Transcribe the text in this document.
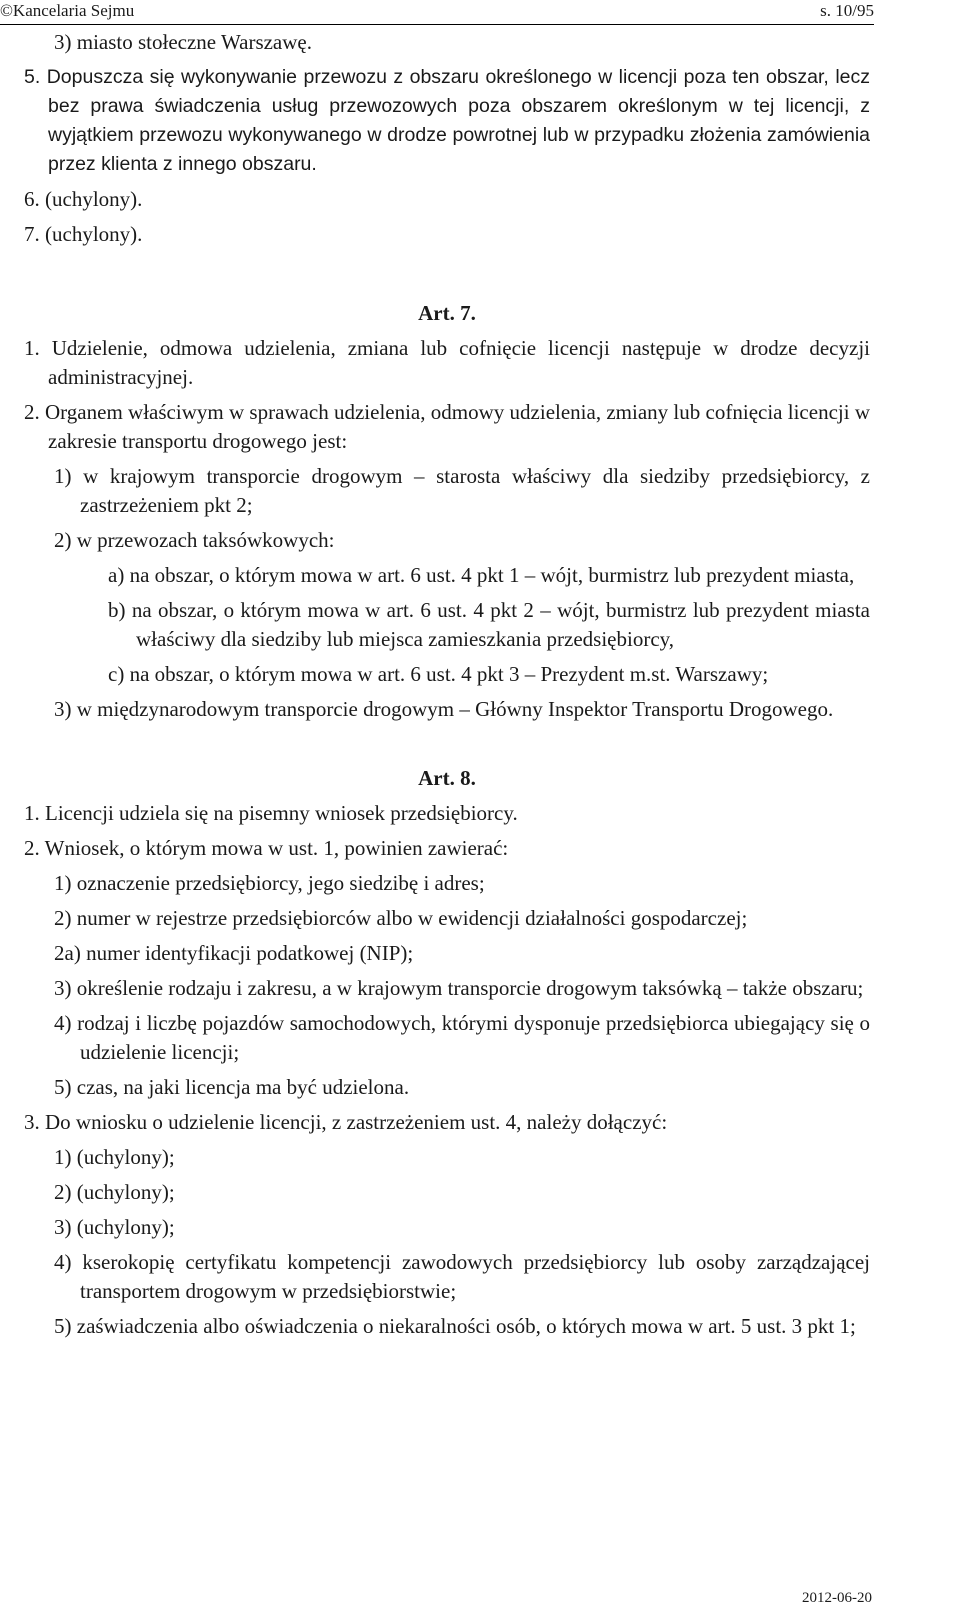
©Kancelaria Sejmu	s. 10/95

3) miasto stołeczne Warszawę.

5. Dopuszcza się wykonywanie przewozu z obszaru określonego w licencji poza ten obszar, lecz bez prawa świadczenia usług przewozowych poza obszarem określonym w tej licencji, z wyjątkiem przewozu wykonywanego w drodze powrotnej lub w przypadku złożenia zamówienia przez klienta z innego obszaru.

6. (uchylony).

7. (uchylony).

Art. 7.

1. Udzielenie, odmowa udzielenia, zmiana lub cofnięcie licencji następuje w drodze decyzji administracyjnej.

2. Organem właściwym w sprawach udzielenia, odmowy udzielenia, zmiany lub cofnięcia licencji w zakresie transportu drogowego jest:

1) w krajowym transporcie drogowym – starosta właściwy dla siedziby przedsiębiorcy, z zastrzeżeniem pkt 2;

2) w przewozach taksówkowych:

a) na obszar, o którym mowa w art. 6 ust. 4 pkt 1 – wójt, burmistrz lub prezydent miasta,

b) na obszar, o którym mowa w art. 6 ust. 4 pkt 2 – wójt, burmistrz lub prezydent miasta właściwy dla siedziby lub miejsca zamieszkania przedsiębiorcy,

c) na obszar, o którym mowa w art. 6 ust. 4 pkt 3 – Prezydent m.st. Warszawy;

3) w międzynarodowym transporcie drogowym – Główny Inspektor Transportu Drogowego.

Art. 8.

1. Licencji udziela się na pisemny wniosek przedsiębiorcy.

2. Wniosek, o którym mowa w ust. 1, powinien zawierać:

1) oznaczenie przedsiębiorcy, jego siedzibę i adres;

2) numer w rejestrze przedsiębiorców albo w ewidencji działalności gospodarczej;

2a) numer identyfikacji podatkowej (NIP);

3) określenie rodzaju i zakresu, a w krajowym transporcie drogowym taksówką – także obszaru;

4) rodzaj i liczbę pojazdów samochodowych, którymi dysponuje przedsiębiorca ubiegający się o udzielenie licencji;

5) czas, na jaki licencja ma być udzielona.

3. Do wniosku o udzielenie licencji, z zastrzeżeniem ust. 4, należy dołączyć:

1) (uchylony);

2) (uchylony);

3) (uchylony);

4) kserokopię certyfikatu kompetencji zawodowych przedsiębiorcy lub osoby zarządzającej transportem drogowym w przedsiębiorstwie;

5) zaświadczenia albo oświadczenia o niekaralności osób, o których mowa w art. 5 ust. 3 pkt 1;

2012-06-20
